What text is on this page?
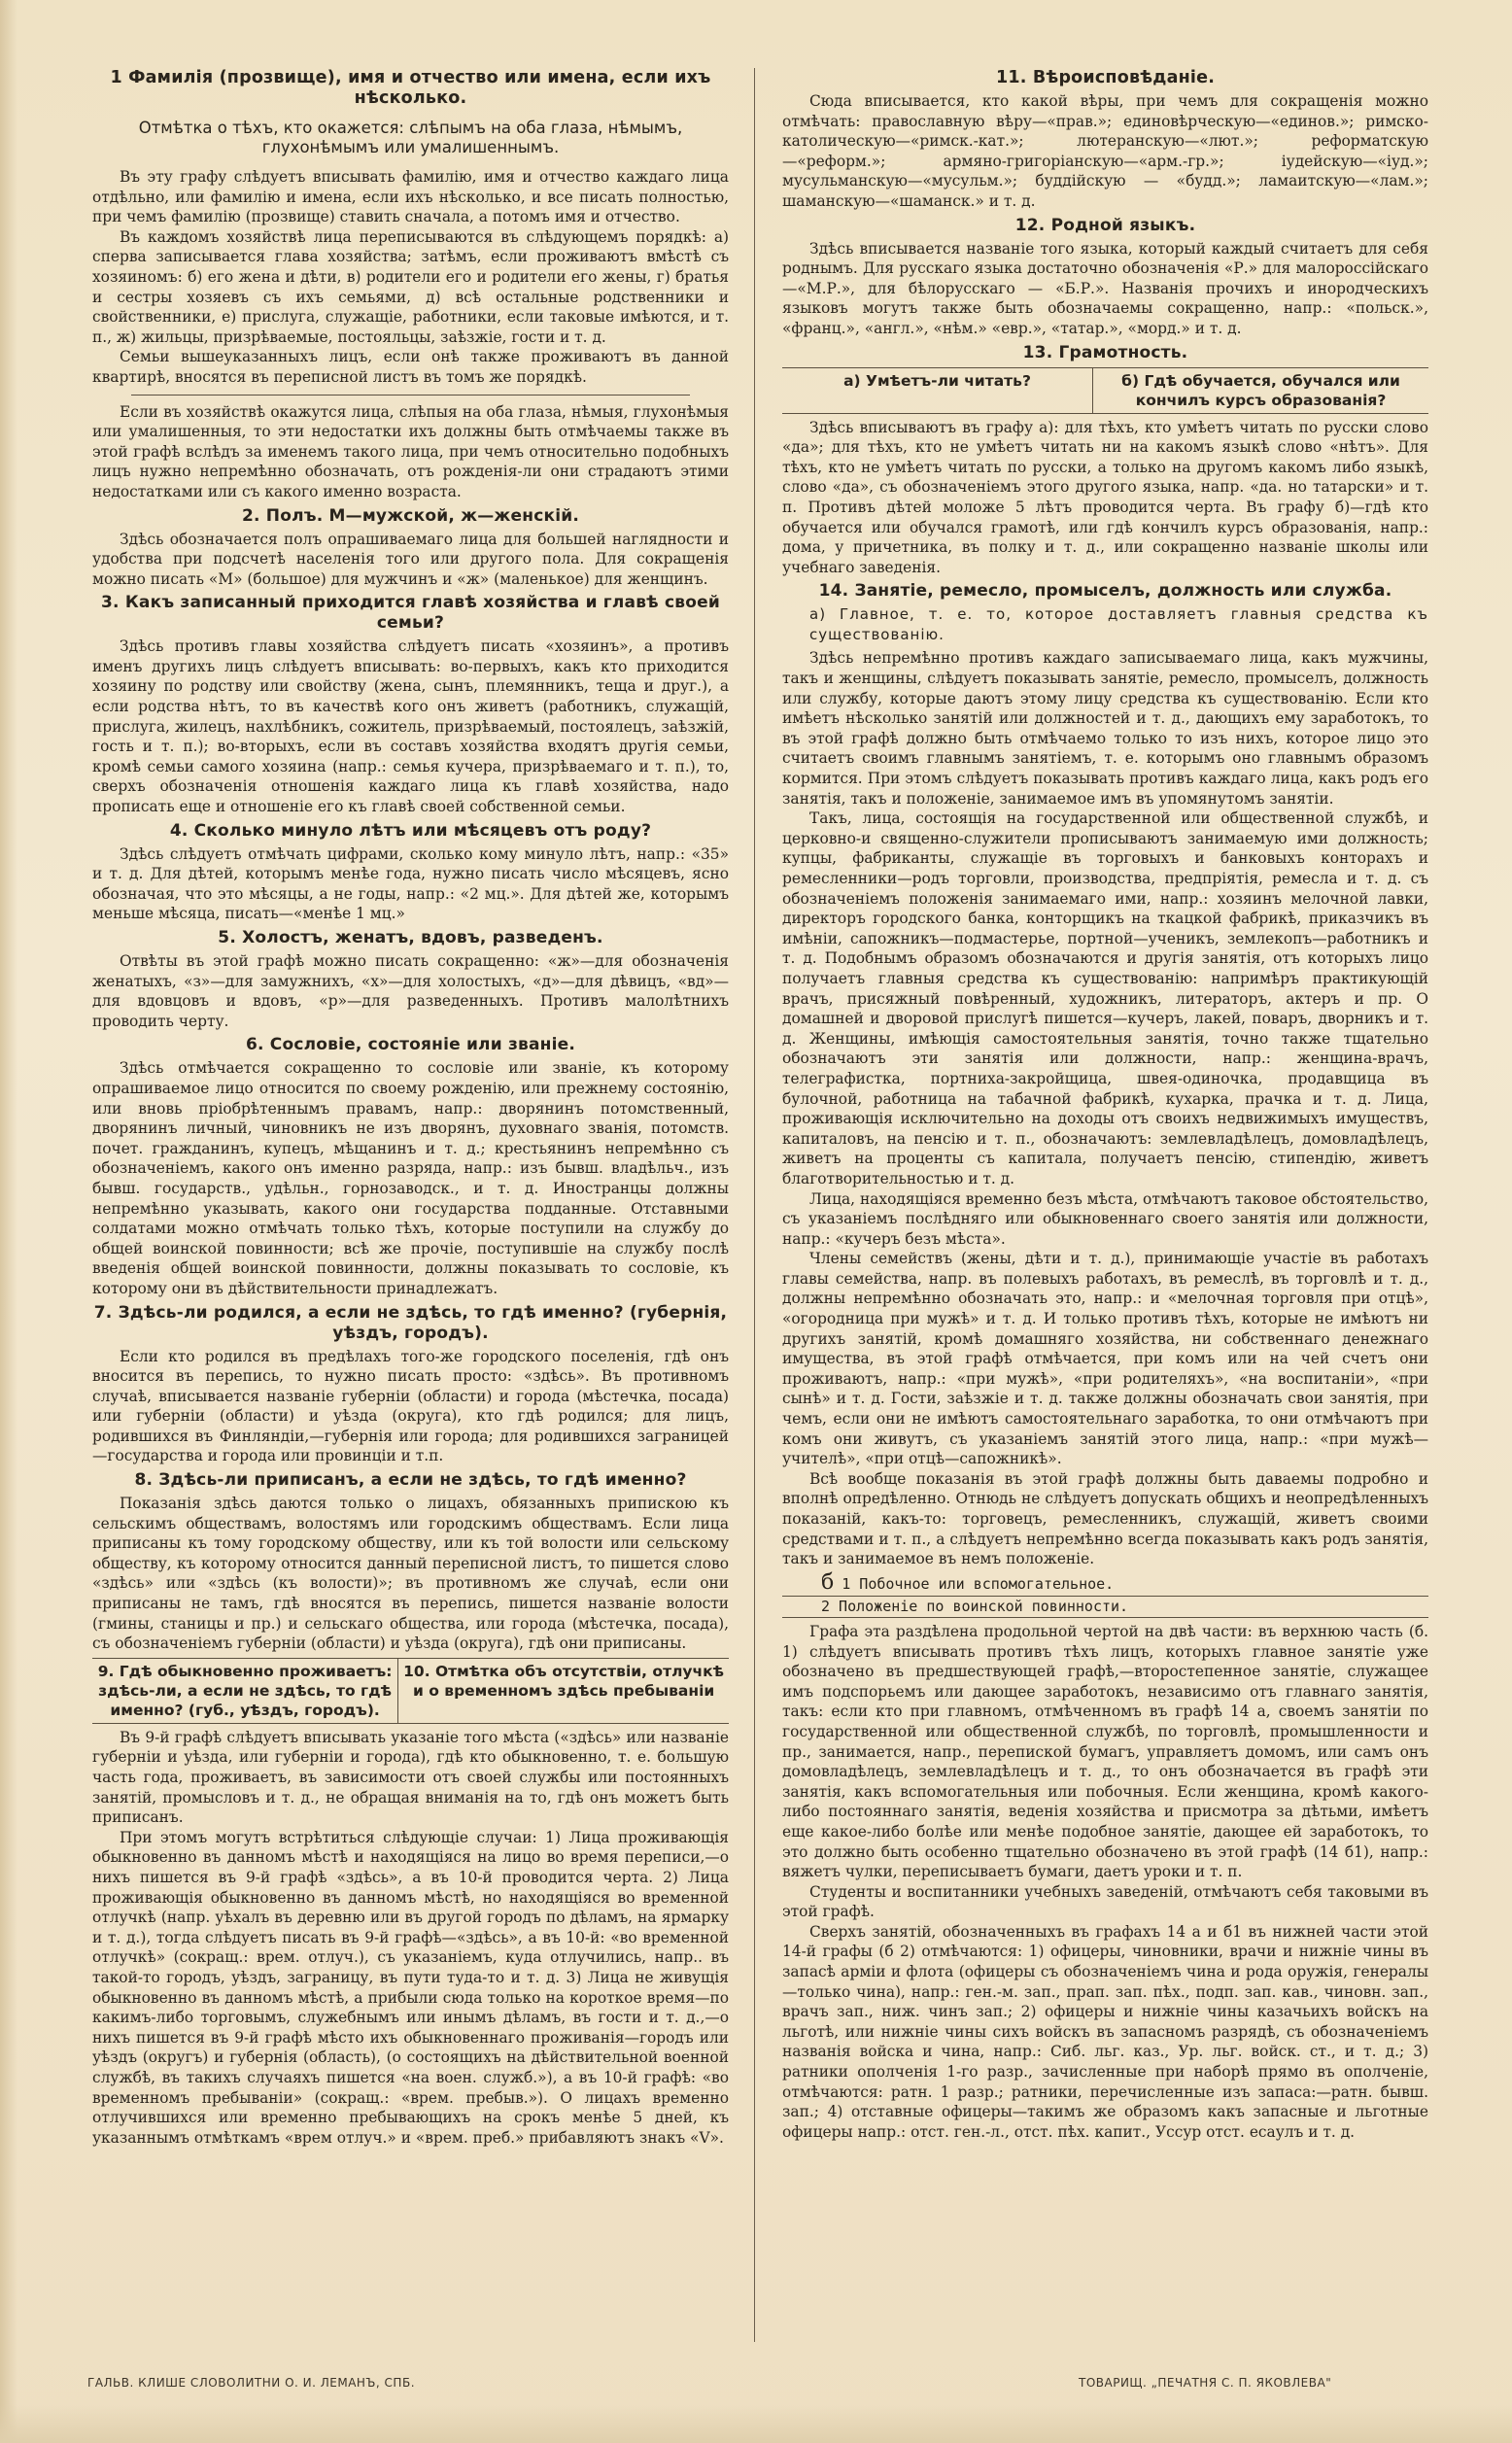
1 Фамилія (прозвище), имя и отчество или имена, если ихъ нѣсколько.
Отмѣтка о тѣхъ, кто окажется: слѣпымъ на оба глаза, нѣмымъ, глухонѣмымъ или умалишеннымъ.

Въ эту графу слѣдуетъ вписывать фамилію, имя и отчество каждаго лица отдѣльно, или фамилію и имена, если ихъ нѣсколько, и все писать полностью, при чемъ фамилію (прозвище) ставить сначала, а потомъ имя и отчество.

Въ каждомъ хозяйствѣ лица переписываются въ слѣдующемъ порядкѣ: а) сперва записывается глава хозяйства; затѣмъ, если проживаютъ вмѣстѣ съ хозяиномъ: б) его жена и дѣти, в) родители его и родители его жены, г) братья и сестры хозяевъ съ ихъ семьями, д) всѣ остальные родственники и свойственники, е) прислуга, служащіе, работники, если таковые имѣются, и т. п., ж) жильцы, призрѣваемые, постояльцы, заѣзжіе, гости и т. д.

Семьи вышеуказанныхъ лицъ, если онѣ также проживаютъ въ данной квартирѣ, вносятся въ переписной листъ въ томъ же порядкѣ.

Если въ хозяйствѣ окажутся лица, слѣпыя на оба глаза, нѣмыя, глухонѣмыя или умалишенныя, то эти недостатки ихъ должны быть отмѣчаемы также въ этой графѣ вслѣдъ за именемъ такого лица, при чемъ относительно подобныхъ лицъ нужно непремѣнно обозначать, отъ рожденія-ли они страдаютъ этими недостатками или съ какого именно возраста.

2. Полъ. М—мужской, ж—женскій.

Здѣсь обозначается полъ опрашиваемаго лица для большей наглядности и удобства при подсчетѣ населенія того или другого пола. Для сокращенія можно писать «М» (большое) для мужчинъ и «ж» (маленькое) для женщинъ.

3. Какъ записанный приходится главѣ хозяйства и главѣ своей семьи?

Здѣсь противъ главы хозяйства слѣдуетъ писать «хозяинъ», а противъ именъ другихъ лицъ слѣдуетъ вписывать: во-первыхъ, какъ кто приходится хозяину по родству или свойству (жена, сынъ, племянникъ, теща и друг.), а если родства нѣтъ, то въ качествѣ кого онъ живетъ (работникъ, служащій, прислуга, жилецъ, нахлѣбникъ, сожитель, призрѣваемый, постоялецъ, заѣзжій, гость и т. п.); во-вторыхъ, если въ составъ хозяйства входятъ другія семьи, кромѣ семьи самого хозяина (напр.: семья кучера, призрѣваемаго и т. п.), то, сверхъ обозначенія отношенія каждаго лица къ главѣ хозяйства, надо прописать еще и отношеніе его къ главѣ своей собственной семьи.

4. Сколько минуло лѣтъ или мѣсяцевъ отъ роду?

Здѣсь слѣдуетъ отмѣчать цифрами, сколько кому минуло лѣтъ, напр.: «35» и т. д. Для дѣтей, которымъ менѣе года, нужно писать число мѣсяцевъ, ясно обозначая, что это мѣсяцы, а не годы, напр.: «2 мц.». Для дѣтей же, которымъ меньше мѣсяца, писать—«менѣе 1 мц.»

5. Холостъ, женатъ, вдовъ, разведенъ.

Отвѣты въ этой графѣ можно писать сокращенно: «ж»—для обозначенія женатыхъ, «з»—для замужнихъ, «х»—для холостыхъ, «д»—для дѣвицъ, «вд»—для вдовцовъ и вдовъ, «р»—для разведенныхъ. Противъ малолѣтнихъ проводить черту.

6. Сословіе, состояніе или званіе.

Здѣсь отмѣчается сокращенно то сословіе или званіе, къ которому опрашиваемое лицо относится по своему рожденію, или прежнему состоянію, или вновь пріобрѣтеннымъ правамъ, напр.: дворянинъ потомственный, дворянинъ личный, чиновникъ не изъ дворянъ, духовнаго званія, потомств. почет. гражданинъ, купецъ, мѣщанинъ и т. д.; крестьянинъ непремѣнно съ обозначеніемъ, какого онъ именно разряда, напр.: изъ бывш. владѣльч., изъ бывш. государств., удѣльн., горнозаводск., и т. д. Иностранцы должны непремѣнно указывать, какого они государства подданные. Отставными солдатами можно отмѣчать только тѣхъ, которые поступили на службу до общей воинской повинности; всѣ же прочіе, поступившіе на службу послѣ введенія общей воинской повинности, должны показывать то сословіе, къ которому они въ дѣйствительности принадлежатъ.

7. Здѣсь-ли родился, а если не здѣсь, то гдѣ именно? (губернія, уѣздъ, городъ).

Если кто родился въ предѣлахъ того-же городского поселенія, гдѣ онъ вносится въ перепись, то нужно писать просто: «здѣсь». Въ противномъ случаѣ, вписывается названіе губерніи (области) и города (мѣстечка, посада) или губерніи (области) и уѣзда (округа), кто гдѣ родился; для лицъ, родившихся въ Финляндіи,—губернія или города; для родившихся заграницей—государства и города или провинціи и т.п.

8. Здѣсь-ли приписанъ, а если не здѣсь, то гдѣ именно?

Показанія здѣсь даются только о лицахъ, обязанныхъ припискою къ сельскимъ обществамъ, волостямъ или городскимъ обществамъ. Если лица приписаны къ тому городскому обществу, или къ той волости или сельскому обществу, къ которому относится данный переписной листъ, то пишется слово «здѣсь» или «здѣсь (къ волости)»; въ противномъ же случаѣ, если они приписаны не тамъ, гдѣ вносятся въ перепись, пишется названіе волости (гмины, станицы и пр.) и сельскаго общества, или города (мѣстечка, посада), съ обозначеніемъ губерніи (области) и уѣзда (округа), гдѣ они приписаны.

9. Гдѣ обыкновенно проживаетъ: здѣсь-ли, а если не здѣсь, то гдѣ именно? (губ., уѣздъ, городъ).
10. Отмѣтка объ отсутствіи, отлучкѣ и о временномъ здѣсь пребываніи

Въ 9-й графѣ слѣдуетъ вписывать указаніе того мѣста («здѣсь» или названіе губерніи и уѣзда, или губерніи и города), гдѣ кто обыкновенно, т. е. большую часть года, проживаетъ, въ зависимости отъ своей службы или постоянныхъ занятій, промысловъ и т. д., не обращая вниманія на то, гдѣ онъ можетъ быть приписанъ.

При этомъ могутъ встрѣтиться слѣдующіе случаи: 1) Лица проживающія обыкновенно въ данномъ мѣстѣ и находящіяся на лицо во время переписи,—о нихъ пишется въ 9-й графѣ «здѣсь», а въ 10-й проводится черта. 2) Лица проживающія обыкновенно въ данномъ мѣстѣ, но находящіяся во временной отлучкѣ (напр. уѣхалъ въ деревню или въ другой городъ по дѣламъ, на ярмарку и т. д.), тогда слѣдуетъ писать въ 9-й графѣ—«здѣсь», а въ 10-й: «во временной отлучкѣ» (сокращ.: врем. отлуч.), съ указаніемъ, куда отлучились, напр.. въ такой-то городъ, уѣздъ, заграницу, въ пути туда-то и т. д. 3) Лица не живущія обыкновенно въ данномъ мѣстѣ, а прибыли сюда только на короткое время—по какимъ-либо торговымъ, служебнымъ или инымъ дѣламъ, въ гости и т. д.,—о нихъ пишется въ 9-й графѣ мѣсто ихъ обыкновеннаго проживанія—городъ или уѣздъ (округъ) и губернія (область), (о состоящихъ на дѣйствительной военной службѣ, въ такихъ случаяхъ пишется «на воен. служб.»), а въ 10-й графѣ: «во временномъ пребываніи» (сокращ.: «врем. пребыв.»). О лицахъ временно отлучившихся или временно пребывающихъ на срокъ менѣе 5 дней, къ указаннымъ отмѣткамъ «врем отлуч.» и «врем. преб.» прибавляютъ знакъ «V».

11. Вѣроисповѣданіе.

Сюда вписывается, кто какой вѣры, при чемъ для сокращенія можно отмѣчать: православную вѣру—«прав.»; единовѣрческую—«единов.»; римско-католическую—«римск.-кат.»; лютеранскую—«лют.»; реформатскую—«реформ.»; армяно-григоріанскую—«арм.-гр.»; іудейскую—«іуд.»; мусульманскую—«мусульм.»; буддійскую — «будд.»; ламаитскую—«лам.»; шаманскую—«шаманск.» и т. д.

12. Родной языкъ.

Здѣсь вписывается названіе того языка, который каждый считаетъ для себя роднымъ. Для русскаго языка достаточно обозначенія «Р.» для малороссійскаго—«М.Р.», для бѣлорусскаго — «Б.Р.». Названія прочихъ и инородческихъ языковъ могутъ также быть обозначаемы сокращенно, напр.: «польск.», «франц.», «англ.», «нѣм.» «евр.», «татар.», «морд.» и т. д.

13. Грамотность.
а) Умѣетъ-ли читать?	б) Гдѣ обучается, обучался или кончилъ курсъ образованія?

Здѣсь вписываютъ въ графу а): для тѣхъ, кто умѣетъ читать по русски слово «да»; для тѣхъ, кто не умѣетъ читать ни на какомъ языкѣ слово «нѣтъ». Для тѣхъ, кто не умѣетъ читать по русски, а только на другомъ какомъ либо языкѣ, слово «да», съ обозначеніемъ этого другого языка, напр. «да. но татарски» и т. п. Противъ дѣтей моложе 5 лѣтъ проводится черта. Въ графу б)—гдѣ кто обучается или обучался грамотѣ, или гдѣ кончилъ курсъ образованія, напр.: дома, у причетника, въ полку и т. д., или сокращенно названіе школы или учебнаго заведенія.

14. Занятіе, ремесло, промыселъ, должность или служба.
а) Главное, т. е. то, которое доставляетъ главныя средства къ существованію.

Здѣсь непремѣнно противъ каждаго записываемаго лица, какъ мужчины, такъ и женщины, слѣдуетъ показывать занятіе, ремесло, промыселъ, должность или службу, которые даютъ этому лицу средства къ существованію. Если кто имѣетъ нѣсколько занятій или должностей и т. д., дающихъ ему заработокъ, то въ этой графѣ должно быть отмѣчаемо только то изъ нихъ, которое лицо это считаетъ своимъ главнымъ занятіемъ, т. е. которымъ оно главнымъ образомъ кормится. При этомъ слѣдуетъ показывать противъ каждаго лица, какъ родъ его занятія, такъ и положеніе, занимаемое имъ въ упомянутомъ занятіи.

Такъ, лица, состоящія на государственной или общественной службѣ, и церковно-и священно-служители прописываютъ занимаемую ими должность; купцы, фабриканты, служащіе въ торговыхъ и банковыхъ конторахъ и ремесленники—родъ торговли, производства, предпріятія, ремесла и т. д. съ обозначеніемъ положенія занимаемаго ими, напр.: хозяинъ мелочной лавки, директоръ городского банка, конторщикъ на ткацкой фабрикѣ, приказчикъ въ имѣніи, сапожникъ—подмастерье, портной—ученикъ, землекопъ—работникъ и т. д. Подобнымъ образомъ обозначаются и другія занятія, отъ которыхъ лицо получаетъ главныя средства къ существованію: напримѣръ практикующій врачъ, присяжный повѣренный, художникъ, литераторъ, актеръ и пр. О домашней и дворовой прислугѣ пишется—кучеръ, лакей, поваръ, дворникъ и т. д. Женщины, имѣющія самостоятельныя занятія, точно также тщательно обозначаютъ эти занятія или должности, напр.: женщина-врачъ, телеграфистка, портниха-закройщица, швея-одиночка, продавщица въ булочной, работница на табачной фабрикѣ, кухарка, прачка и т. д. Лица, проживающія исключительно на доходы отъ своихъ недвижимыхъ имуществъ, капиталовъ, на пенсію и т. п., обозначаютъ: землевладѣлецъ, домовладѣлецъ, живетъ на проценты съ капитала, получаетъ пенсію, стипендію, живетъ благотворительностью и т. д.

Лица, находящіяся временно безъ мѣста, отмѣчаютъ таковое обстоятельство, съ указаніемъ послѣдняго или обыкновеннаго своего занятія или должности, напр.: «кучеръ безъ мѣста».

Члены семействъ (жены, дѣти и т. д.), принимающіе участіе въ работахъ главы семейства, напр. въ полевыхъ работахъ, въ ремеслѣ, въ торговлѣ и т. д., должны непремѣнно обозначать это, напр.: и «мелочная торговля при отцѣ», «огородница при мужѣ» и т. д. И только противъ тѣхъ, которые не имѣютъ ни другихъ занятій, кромѣ домашняго хозяйства, ни собственнаго денежнаго имущества, въ этой графѣ отмѣчается, при комъ или на чей счетъ они проживаютъ, напр.: «при мужѣ», «при родителяхъ», «на воспитаніи», «при сынѣ» и т. д. Гости, заѣзжіе и т. д. также должны обозначать свои занятія, при чемъ, если они не имѣютъ самостоятельнаго заработка, то они отмѣчаютъ при комъ они живутъ, съ указаніемъ занятій этого лица, напр.: «при мужѣ—учителѣ», «при отцѣ—сапожникѣ».

Всѣ вообще показанія въ этой графѣ должны быть даваемы подробно и вполнѣ опредѣленно. Отнюдь не слѣдуетъ допускать общихъ и неопредѣленныхъ показаній, какъ-то: торговецъ, ремесленникъ, служащій, живетъ своими средствами и т. п., а слѣдуетъ непремѣнно всегда показывать какъ родъ занятія, такъ и занимаемое въ немъ положеніе.

б 1 Побочное или вспомогательное.
2 Положеніе по воинской повинности.

Графа эта раздѣлена продольной чертой на двѣ части: въ верхнюю часть (б. 1) слѣдуетъ вписывать противъ тѣхъ лицъ, которыхъ главное занятіе уже обозначено въ предшествующей графѣ,—второстепенное занятіе, служащее имъ подспорьемъ или дающее заработокъ, независимо отъ главнаго занятія, такъ: если кто при главномъ, отмѣченномъ въ графѣ 14 а, своемъ занятіи по государственной или общественной службѣ, по торговлѣ, промышленности и пр., занимается, напр., перепиской бумагъ, управляетъ домомъ, или самъ онъ домовладѣлецъ, землевладѣлецъ и т. д., то онъ обозначается въ графѣ эти занятія, какъ вспомогательныя или побочныя. Если женщина, кромѣ какого-либо постояннаго занятія, веденія хозяйства и присмотра за дѣтьми, имѣетъ еще какое-либо болѣе или менѣе подобное занятіе, дающее ей заработокъ, то это должно быть особенно тщательно обозначено въ этой графѣ (14 б1), напр.: вяжетъ чулки, переписываетъ бумаги, даетъ уроки и т. п.

Студенты и воспитанники учебныхъ заведеній, отмѣчаютъ себя таковыми въ этой графѣ.

Сверхъ занятій, обозначенныхъ въ графахъ 14 а и б1 въ нижней части этой 14-й графы (б 2) отмѣчаются: 1) офицеры, чиновники, врачи и нижніе чины въ запасѣ арміи и флота (офицеры съ обозначеніемъ чина и рода оружія, генералы—только чина), напр.: ген.-м. зап., прап. зап. пѣх., подп. зап. кав., чиновн. зап., врачъ зап., ниж. чинъ зап.; 2) офицеры и нижніе чины казачьихъ войскъ на льготѣ, или нижніе чины сихъ войскъ въ запасномъ разрядѣ, съ обозначеніемъ названія войска и чина, напр.: Сиб. льг. каз., Ур. льг. войск. ст., и т. д.; 3) ратники ополченія 1-го разр., зачисленные при наборѣ прямо въ ополченіе, отмѣчаются: ратн. 1 разр.; ратники, перечисленные изъ запаса:—ратн. бывш. зап.; 4) отставные офицеры—такимъ же образомъ какъ запасные и льготные офицеры напр.: отст. ген.-л., отст. пѣх. капит., Уссур отст. есаулъ и т. д.

ГАЛЬВ. КЛИШЕ СЛОВОЛИТНИ О. И. ЛЕМАНЪ, СПБ.	ТОВАРИЩ. „ПЕЧАТНЯ С. П. ЯКОВЛЕВА"
